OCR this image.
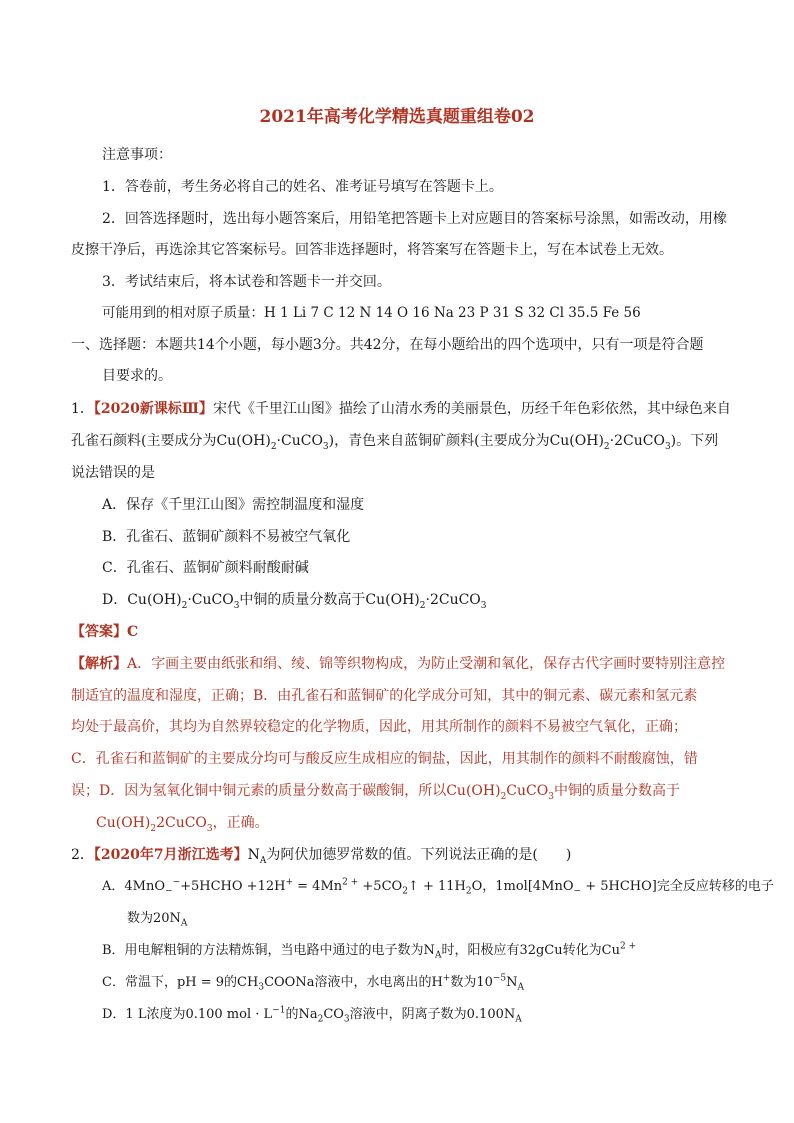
2021年高考化学精选真题重组卷02
注意事项：
1．答卷前，考生务必将自己的姓名、准考证号填写在答题卡上。
2．回答选择题时，选出每小题答案后，用铅笔把答题卡上对应题目的答案标号涂黑，如需改动，用橡
皮擦干净后，再选涂其它答案标号。回答非选择题时，将答案写在答题卡上，写在本试卷上无效。
3．考试结束后，将本试卷和答题卡一并交回。
可能用到的相对原子质量：H 1 Li 7 C 12 N 14 O 16 Na 23 P 31 S 32 Cl 35.5 Fe 56
一、选择题：本题共14个小题，每小题3分。共42分，在每小题给出的四个选项中，只有一项是符合题
目要求的。
1．【2020新课标Ⅲ】宋代《千里江山图》描绘了山清水秀的美丽景色，历经千年色彩依然，其中绿色来自
孔雀石颜料(主要成分为$Cu(OH)_2\cdot CuCO_3$)，青色来自蓝铜矿颜料(主要成分为$Cu(OH)_2\cdot 2CuCO_3$)。下列
说法错误的是
A．保存《千里江山图》需控制温度和湿度
B．孔雀石、蓝铜矿颜料不易被空气氧化
C．孔雀石、蓝铜矿颜料耐酸耐碱
D．$Cu(OH)_2\cdot CuCO_3$中铜的质量分数高于$Cu(OH)_2\cdot 2CuCO_3$
【答案】C
【解析】A．字画主要由纸张和绢、绫、锦等织物构成，为防止受潮和氧化，保存古代字画时要特别注意控
制适宜的温度和湿度，正确；B．由孔雀石和蓝铜矿的化学成分可知，其中的铜元素、碳元素和氢元素
均处于最高价，其均为自然界较稳定的化学物质，因此，用其所制作的颜料不易被空气氧化，正确；
C．孔雀石和蓝铜矿的主要成分均可与酸反应生成相应的铜盐，因此，用其制作的颜料不耐酸腐蚀，错
误；D．因为氢氧化铜中铜元素的质量分数高于碳酸铜，所以$Cu(OH)_2CuCO_3$中铜的质量分数高于
$Cu(OH)_22CuCO_3$，正确。
2．【2020年7月浙江选考】$N_A$为阿伏加德罗常数的值。下列说法正确的是(　　)
A．4MnO$_-$−+5HCHO $+12H^+ = 4Mn^{2 +}$ $+5CO_2↑ + 11H_2O$，1mol[4MnO$_-$ + 5HCHO]完全反应转移的电子
数为$20N_A$
B．用电解粗铜的方法精炼铜，当电路中通过的电子数为$N_A$时，阳极应有32gCu转化为$Cu^{2 +}$
C．常温下，pH = 9的$CH_3COONa$溶液中，水电离出的H+数为$10^{-5}N_A$
D．1 L浓度为0.100 mol · $L^{-1}$的$Na_2CO_3$溶液中，阴离子数为$0.100N_A$
